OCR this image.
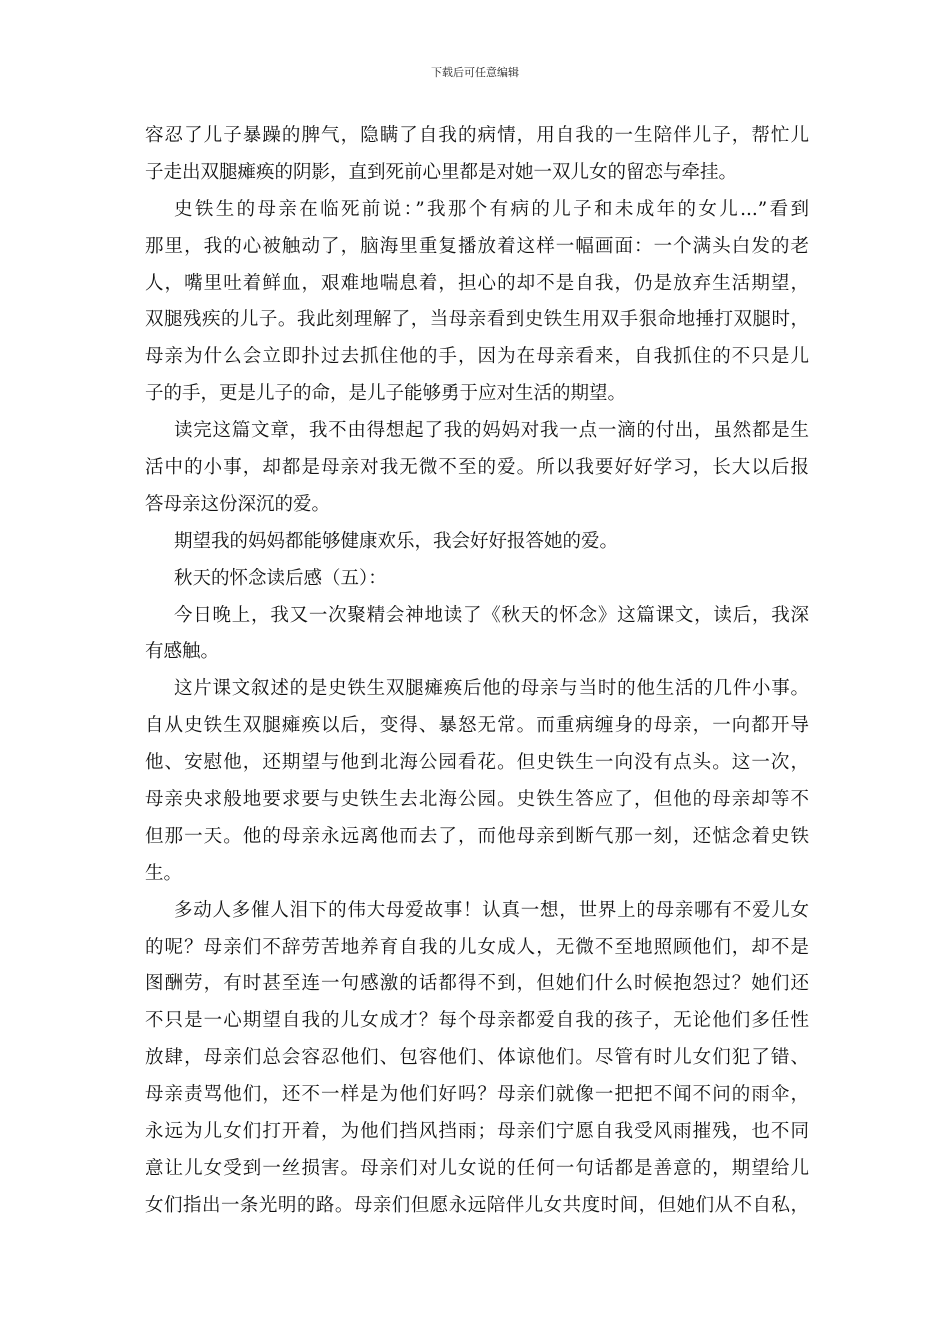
下载后可任意编辑
容忍了儿子暴躁的脾气，隐瞒了自我的病情，用自我的一生陪伴儿子，帮忙儿
子走出双腿瘫痪的阴影，直到死前心里都是对她一双儿女的留恋与牵挂。
史铁生的母亲在临死前说：”我那个有病的儿子和未成年的女儿...”看到
那里，我的心被触动了，脑海里重复播放着这样一幅画面：一个满头白发的老
人，嘴里吐着鲜血，艰难地喘息着，担心的却不是自我，仍是放弃生活期望，
双腿残疾的儿子。我此刻理解了，当母亲看到史铁生用双手狠命地捶打双腿时，
母亲为什么会立即扑过去抓住他的手，因为在母亲看来，自我抓住的不只是儿
子的手，更是儿子的命，是儿子能够勇于应对生活的期望。
读完这篇文章，我不由得想起了我的妈妈对我一点一滴的付出，虽然都是生
活中的小事，却都是母亲对我无微不至的爱。所以我要好好学习，长大以后报
答母亲这份深沉的爱。
期望我的妈妈都能够健康欢乐，我会好好报答她的爱。
秋天的怀念读后感（五）：
今日晚上，我又一次聚精会神地读了《秋天的怀念》这篇课文，读后，我深
有感触。
这片课文叙述的是史铁生双腿瘫痪后他的母亲与当时的他生活的几件小事。
自从史铁生双腿瘫痪以后，变得、暴怒无常。而重病缠身的母亲，一向都开导
他、安慰他，还期望与他到北海公园看花。但史铁生一向没有点头。这一次，
母亲央求般地要求要与史铁生去北海公园。史铁生答应了，但他的母亲却等不
但那一天。他的母亲永远离他而去了，而他母亲到断气那一刻，还惦念着史铁
生。
多动人多催人泪下的伟大母爱故事！认真一想，世界上的母亲哪有不爱儿女
的呢？母亲们不辞劳苦地养育自我的儿女成人，无微不至地照顾他们，却不是
图酬劳，有时甚至连一句感激的话都得不到，但她们什么时候抱怨过？她们还
不只是一心期望自我的儿女成才？每个母亲都爱自我的孩子，无论他们多任性
放肆，母亲们总会容忍他们、包容他们、体谅他们。尽管有时儿女们犯了错、
母亲责骂他们，还不一样是为他们好吗？母亲们就像一把把不闻不问的雨伞，
永远为儿女们打开着，为他们挡风挡雨；母亲们宁愿自我受风雨摧残，也不同
意让儿女受到一丝损害。母亲们对儿女说的任何一句话都是善意的，期望给儿
女们指出一条光明的路。母亲们但愿永远陪伴儿女共度时间，但她们从不自私，
